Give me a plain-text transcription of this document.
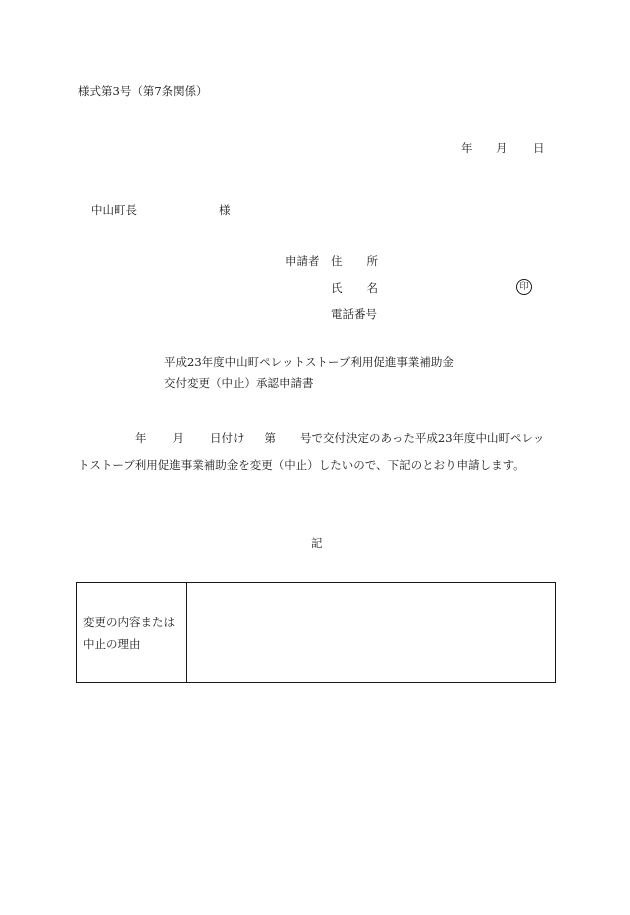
様式第3号（第7条関係）
年 月 日
中山町長	様
申請者 住所
氏名	印
電話番号
平成23年度中山町ペレットストーブ利用促進事業補助金
交付変更（中止）承認申請書
年 月 日付け 第 号で交付決定のあった平成23年度中山町ペレッ
トストーブ利用促進事業補助金を変更（中止）したいので、下記のとおり申請します。
記
変更の内容または
中止の理由
